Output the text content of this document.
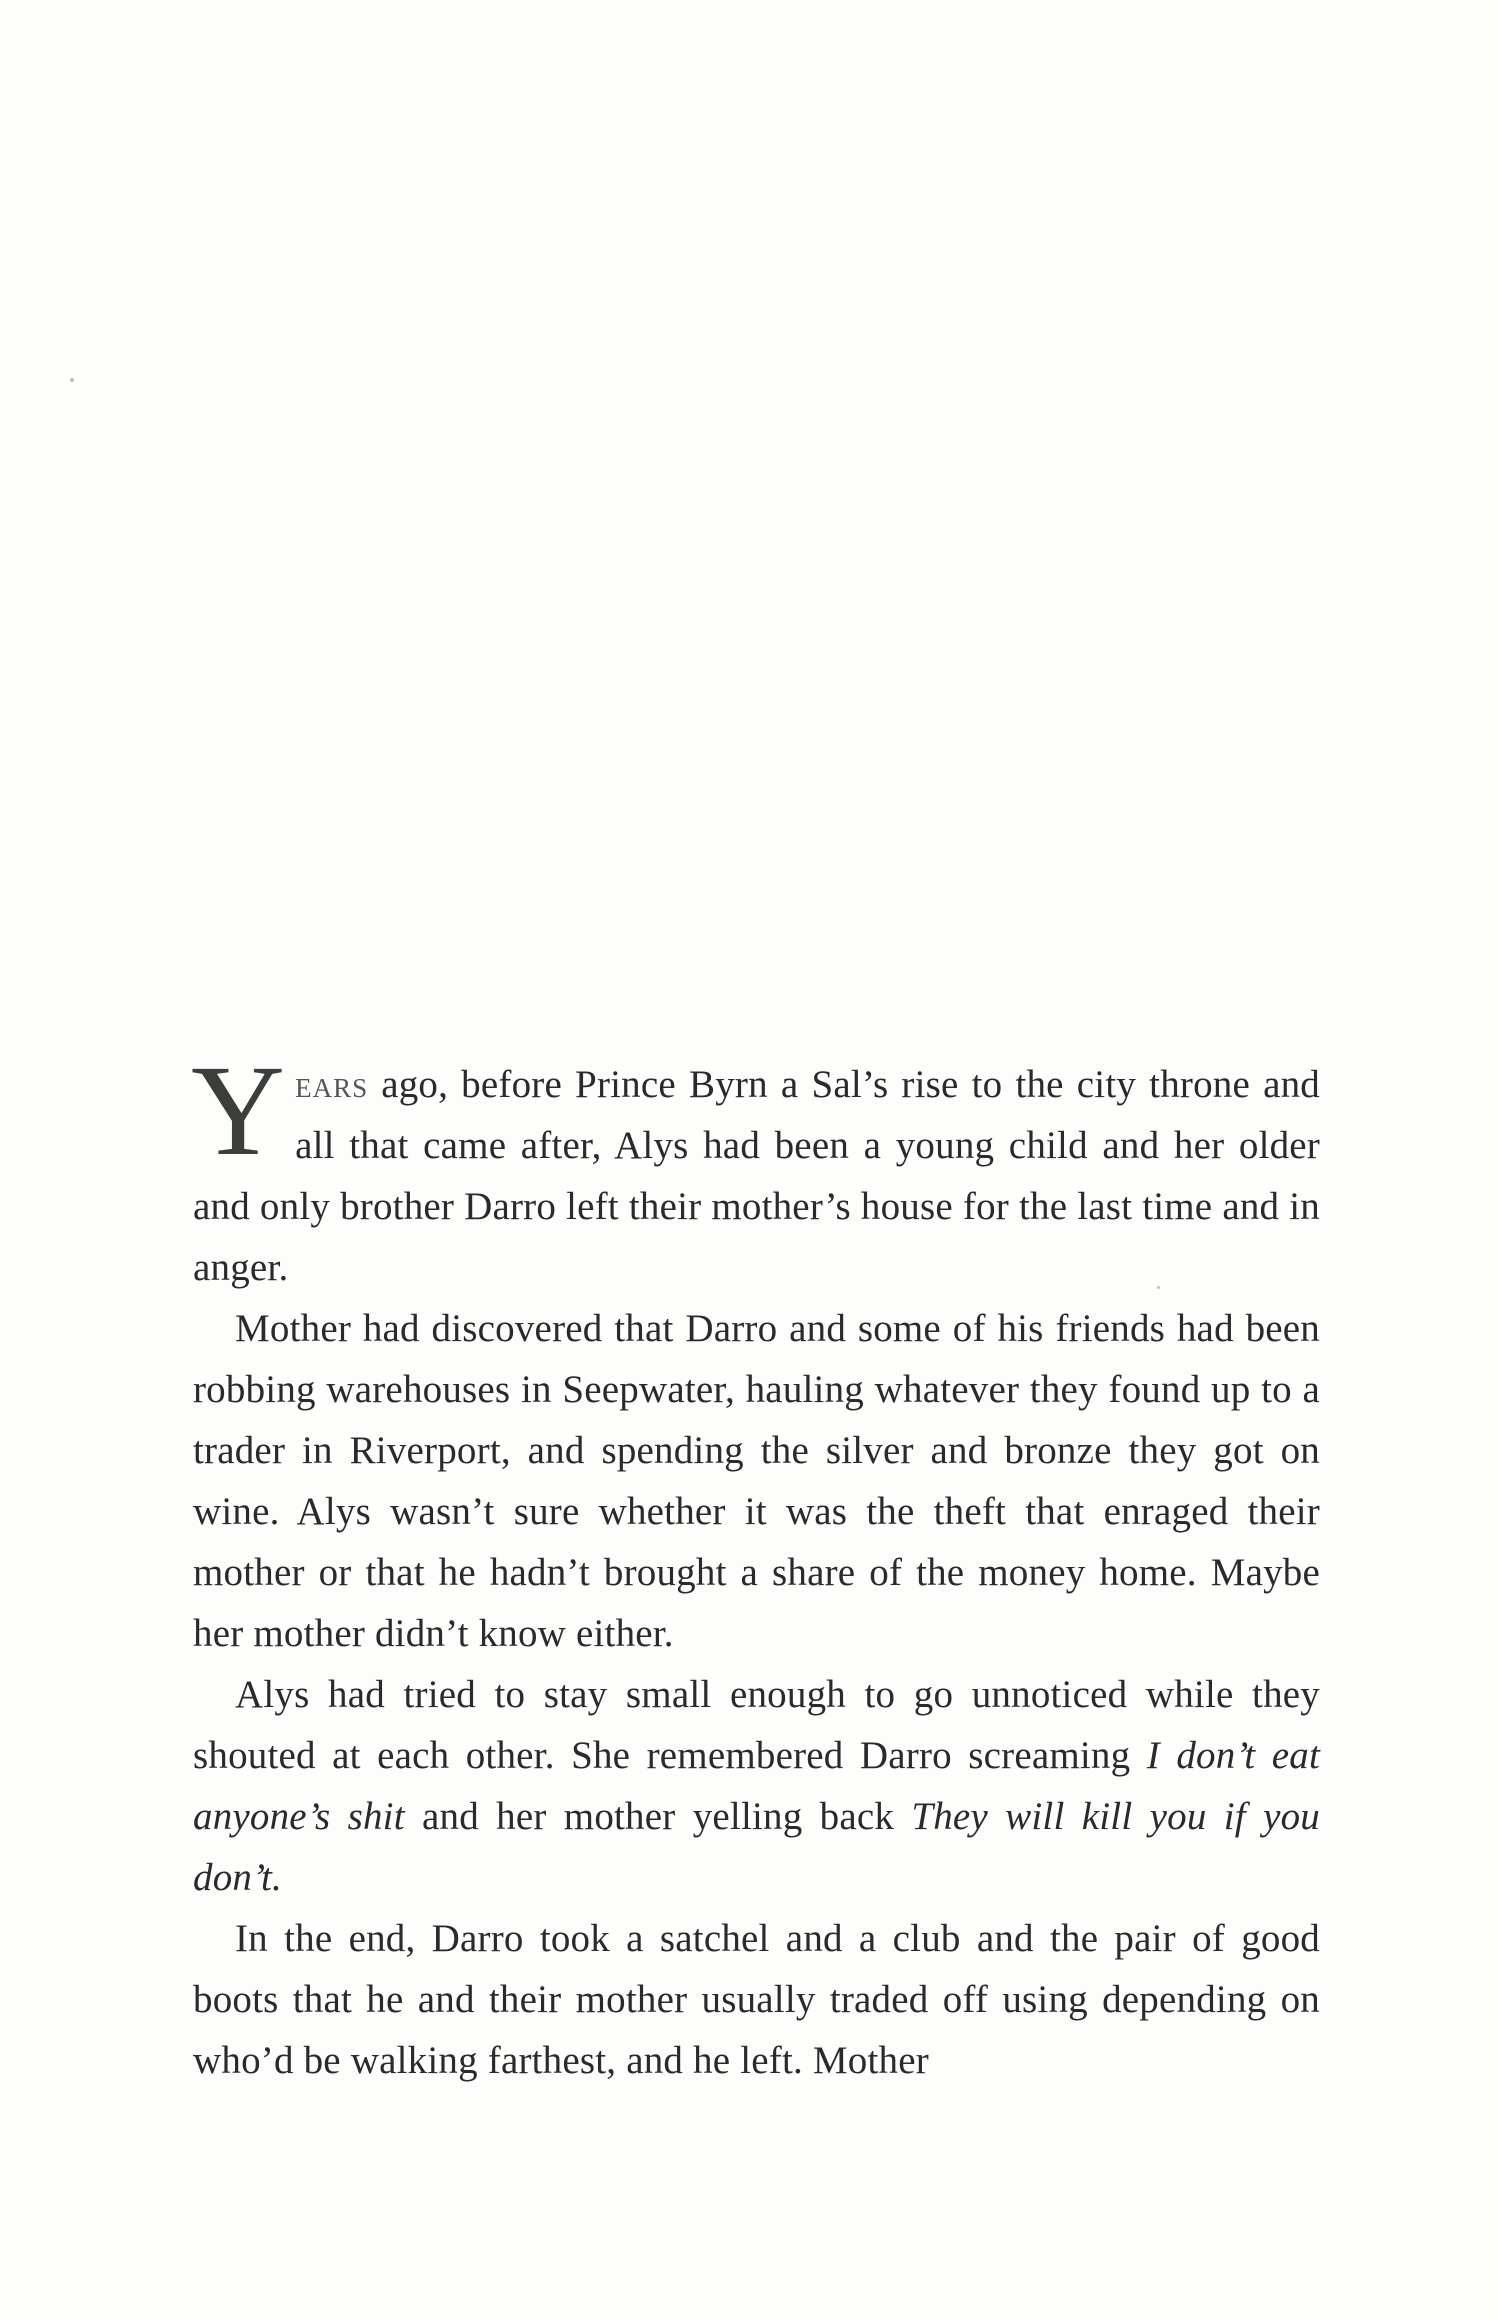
Years ago, before Prince Byrn a Sal’s rise to the city throne and all that came after, Alys had been a young child and her older and only brother Darro left their mother’s house for the last time and in anger.

Mother had discovered that Darro and some of his friends had been robbing warehouses in Seepwater, hauling whatever they found up to a trader in Riverport, and spending the silver and bronze they got on wine. Alys wasn’t sure whether it was the theft that enraged their mother or that he hadn’t brought a share of the money home. Maybe her mother didn’t know either.

Alys had tried to stay small enough to go unnoticed while they shouted at each other. She remembered Darro screaming I don’t eat anyone’s shit and her mother yelling back They will kill you if you don’t.

In the end, Darro took a satchel and a club and the pair of good boots that he and their mother usually traded off using depending on who’d be walking farthest, and he left. Mother
